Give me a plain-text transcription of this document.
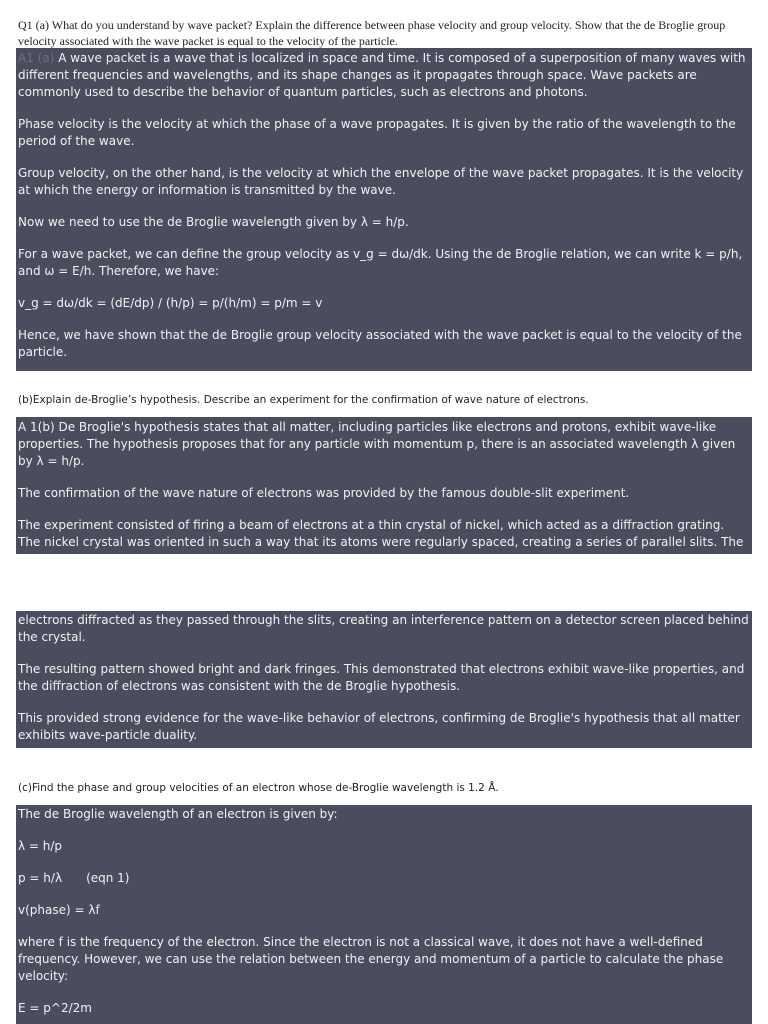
Q1 (a) What do you understand by wave packet? Explain the difference between phase velocity and group velocity. Show that the de Broglie group velocity associated with the wave packet is equal to the velocity of the particle.

A1 (a) A wave packet is a wave that is localized in space and time. It is composed of a superposition of many waves with different frequencies and wavelengths, and its shape changes as it propagates through space. Wave packets are commonly used to describe the behavior of quantum particles, such as electrons and photons.

Phase velocity is the velocity at which the phase of a wave propagates. It is given by the ratio of the wavelength to the period of the wave.

Group velocity, on the other hand, is the velocity at which the envelope of the wave packet propagates. It is the velocity at which the energy or information is transmitted by the wave.

Now we need to use the de Broglie wavelength given by λ = h/p.

For a wave packet, we can define the group velocity as v_g = dω/dk. Using the de Broglie relation, we can write k = p/h, and ω = E/h. Therefore, we have:

v_g = dω/dk = (dE/dp) / (h/p) = p/(h/m) = p/m = v

Hence, we have shown that the de Broglie group velocity associated with the wave packet is equal to the velocity of the particle.

(b)Explain de-Broglie’s hypothesis. Describe an experiment for the confirmation of wave nature of electrons.

A 1(b) De Broglie's hypothesis states that all matter, including particles like electrons and protons, exhibit wave-like properties. The hypothesis proposes that for any particle with momentum p, there is an associated wavelength λ given by λ = h/p.

The confirmation of the wave nature of electrons was provided by the famous double-slit experiment.

The experiment consisted of firing a beam of electrons at a thin crystal of nickel, which acted as a diffraction grating. The nickel crystal was oriented in such a way that its atoms were regularly spaced, creating a series of parallel slits. The

electrons diffracted as they passed through the slits, creating an interference pattern on a detector screen placed behind the crystal.

The resulting pattern showed bright and dark fringes. This demonstrated that electrons exhibit wave-like properties, and the diffraction of electrons was consistent with the de Broglie hypothesis.

This provided strong evidence for the wave-like behavior of electrons, confirming de Broglie's hypothesis that all matter exhibits wave-particle duality.

(c)Find the phase and group velocities of an electron whose de-Broglie wavelength is 1.2 Å.

The de Broglie wavelength of an electron is given by:

λ = h/p

p = h/λ (eqn 1)

v(phase) = λf

where f is the frequency of the electron. Since the electron is not a classical wave, it does not have a well-defined frequency. However, we can use the relation between the energy and momentum of a particle to calculate the phase velocity:

E = p^2/2m
